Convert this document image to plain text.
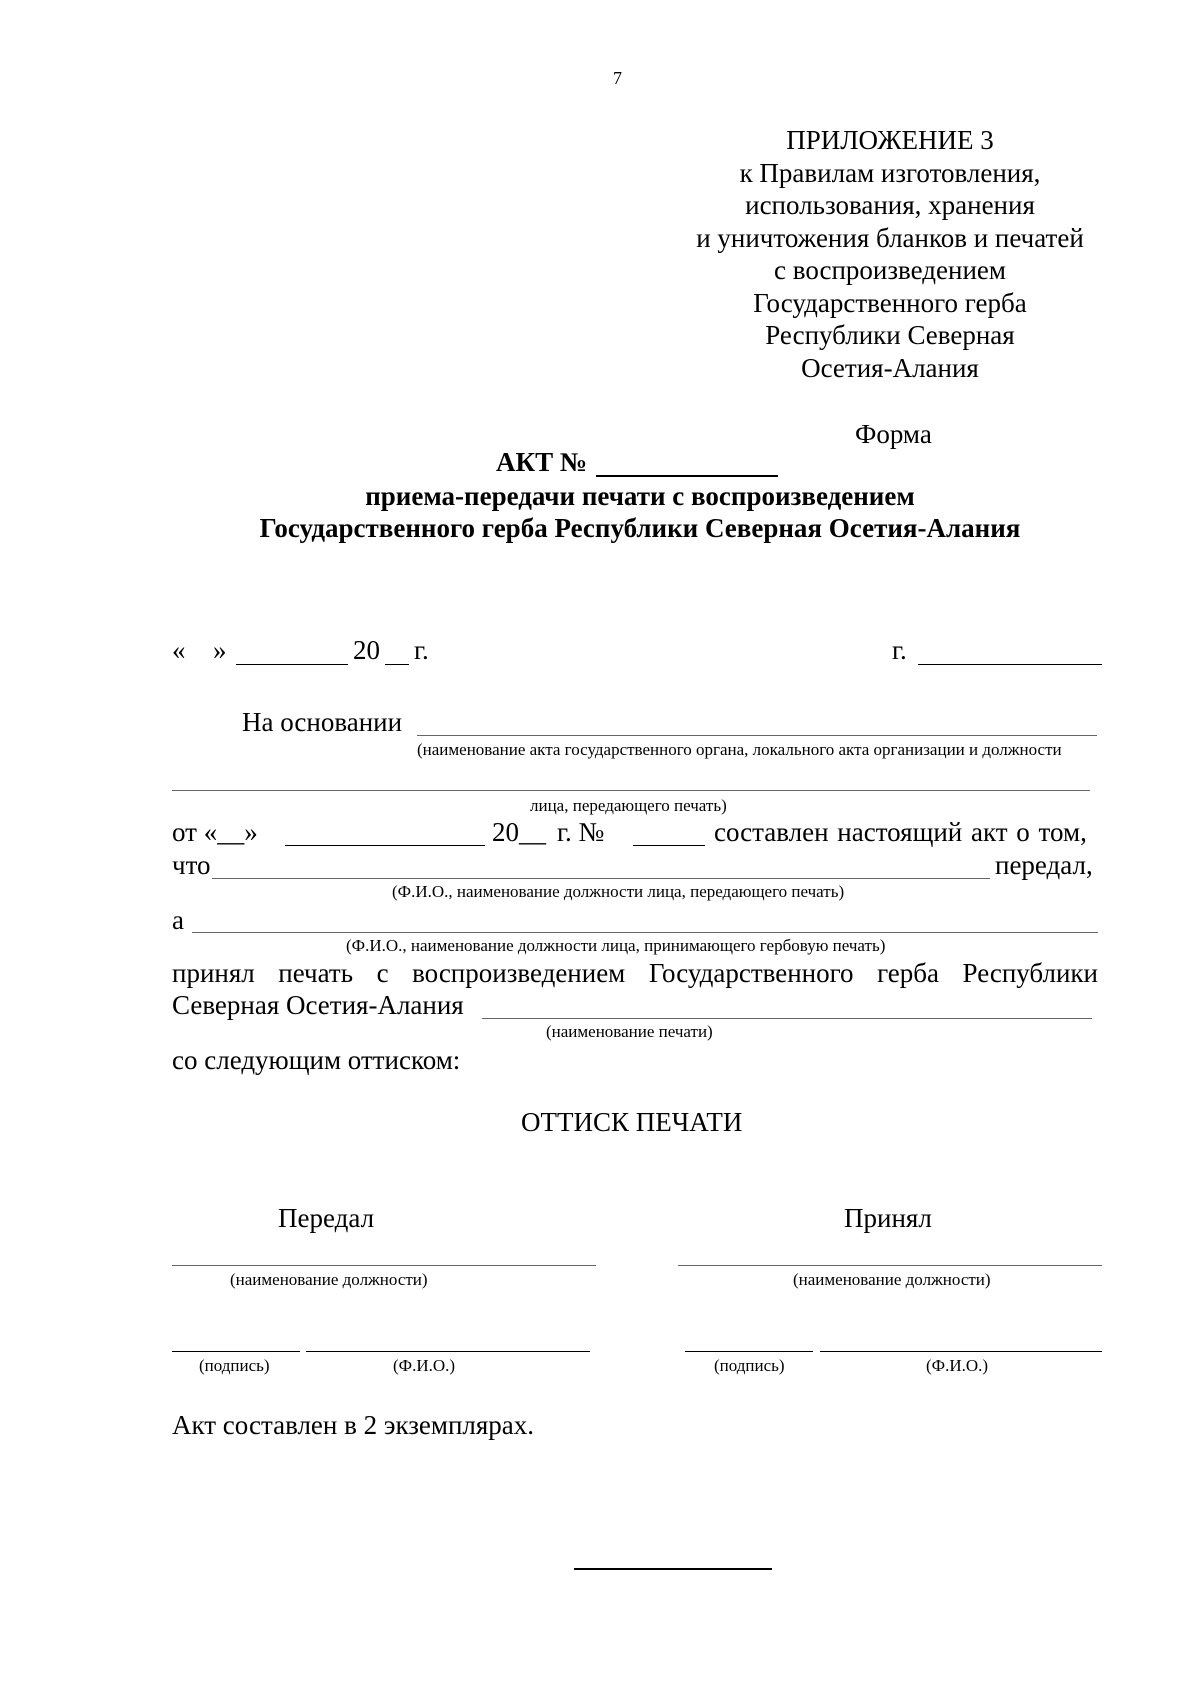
7
ПРИЛОЖЕНИЕ 3
к Правилам изготовления,
использования, хранения
и уничтожения бланков и печатей
с воспроизведением
Государственного герба
Республики Северная
Осетия-Алания
Форма
АКТ №
приема-передачи печати с воспроизведением
Государственного герба Республики Северная Осетия-Алания
« »	20 г.	г.
На основании
(наименование акта государственного органа, локального акта организации и должности
лица, передающего печать)
от «__»	20__ г. №	составлен настоящий акт о том,
что	передал,
(Ф.И.О., наименование должности лица, передающего печать)
а
(Ф.И.О., наименование должности лица, принимающего гербовую печать)
принял печать с воспроизведением Государственного герба Республики
Северная Осетия-Алания
(наименование печати)
со следующим оттиском:
ОТТИСК ПЕЧАТИ
Передал
(наименование должности)
(подпись)	(Ф.И.О.)
Принял
(наименование должности)
(подпись)	(Ф.И.О.)
Акт составлен в 2 экземплярах.
